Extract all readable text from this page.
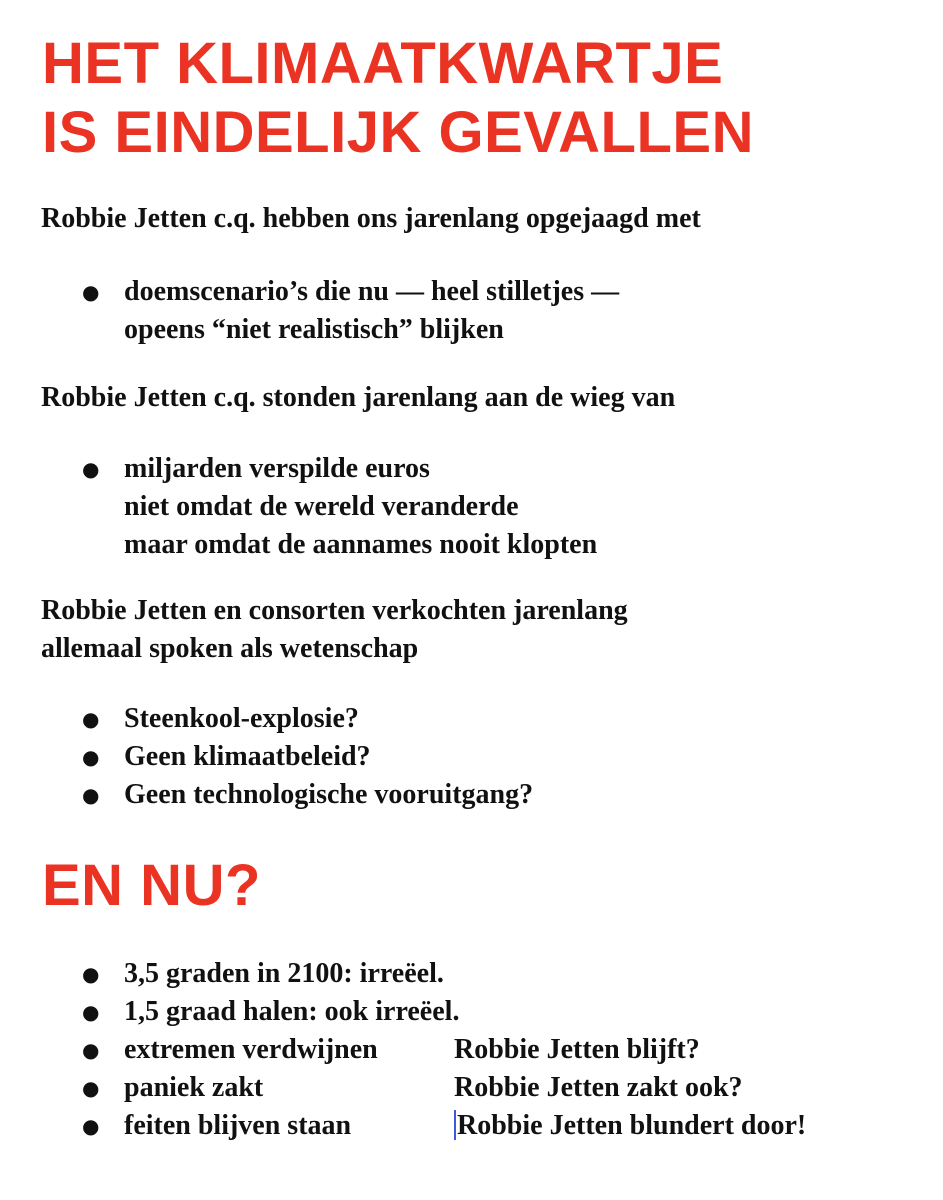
HET KLIMAATKWARTJE
IS EINDELIJK GEVALLEN

Robbie Jetten c.q. hebben ons jarenlang opgejaagd met

● doemscenario’s die nu — heel stilletjes —
opeens “niet realistisch” blijken

Robbie Jetten c.q. stonden jarenlang aan de wieg van

● miljarden verspilde euros
niet omdat de wereld veranderde
maar omdat de aannames nooit klopten

Robbie Jetten en consorten verkochten jarenlang
allemaal spoken als wetenschap

● Steenkool-explosie?
● Geen klimaatbeleid?
● Geen technologische vooruitgang?
EN NU?
● 3,5 graden in 2100: irreëel.
● 1,5 graad halen: ook irreëel.
● extremen verdwijnen	Robbie Jetten blijft?
● paniek zakt	Robbie Jetten zakt ook?
● feiten blijven staan	Robbie Jetten blundert door!
